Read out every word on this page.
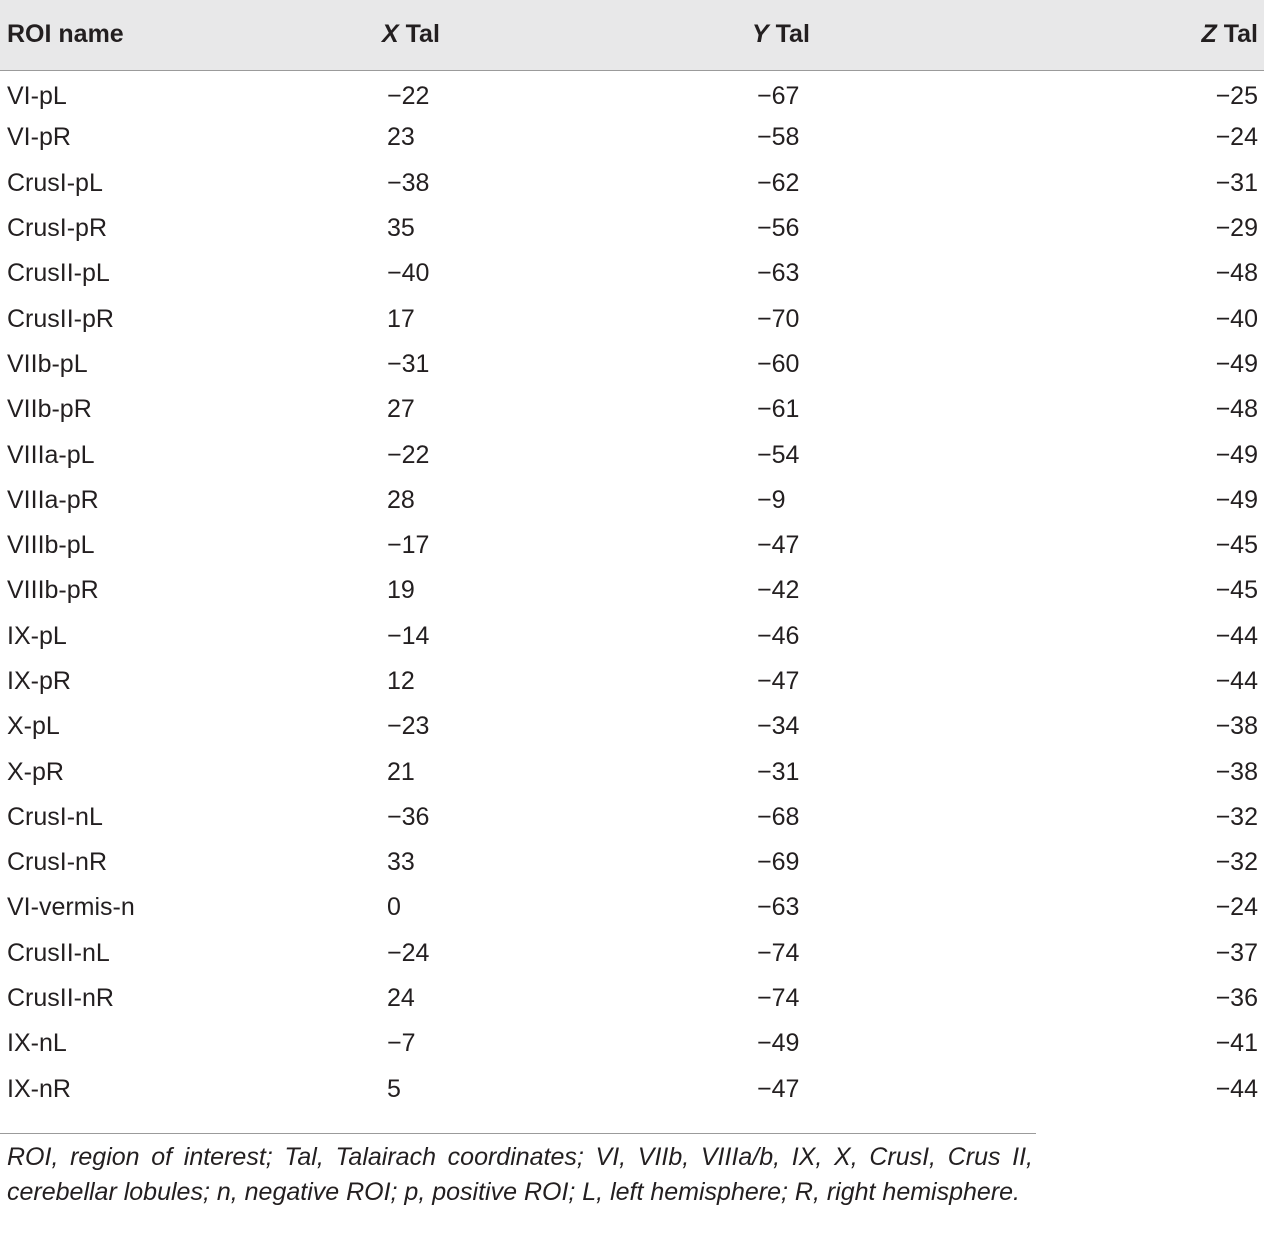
ROI name	X Tal	Y Tal	Z Tal
VI-pL	−22	−67	−25
VI-pR	23	−58	−24
CrusI-pL	−38	−62	−31
CrusI-pR	35	−56	−29
CrusII-pL	−40	−63	−48
CrusII-pR	17	−70	−40
VIIb-pL	−31	−60	−49
VIIb-pR	27	−61	−48
VIIIa-pL	−22	−54	−49
VIIIa-pR	28	−9	−49
VIIIb-pL	−17	−47	−45
VIIIb-pR	19	−42	−45
IX-pL	−14	−46	−44
IX-pR	12	−47	−44
X-pL	−23	−34	−38
X-pR	21	−31	−38
CrusI-nL	−36	−68	−32
CrusI-nR	33	−69	−32
VI-vermis-n	0	−63	−24
CrusII-nL	−24	−74	−37
CrusII-nR	24	−74	−36
IX-nL	−7	−49	−41
IX-nR	5	−47	−44
ROI, region of interest; Tal, Talairach coordinates; VI, VIIb, VIIIa/b, IX, X, CrusI, Crus II, cerebellar lobules; n, negative ROI; p, positive ROI; L, left hemisphere; R, right hemisphere.
